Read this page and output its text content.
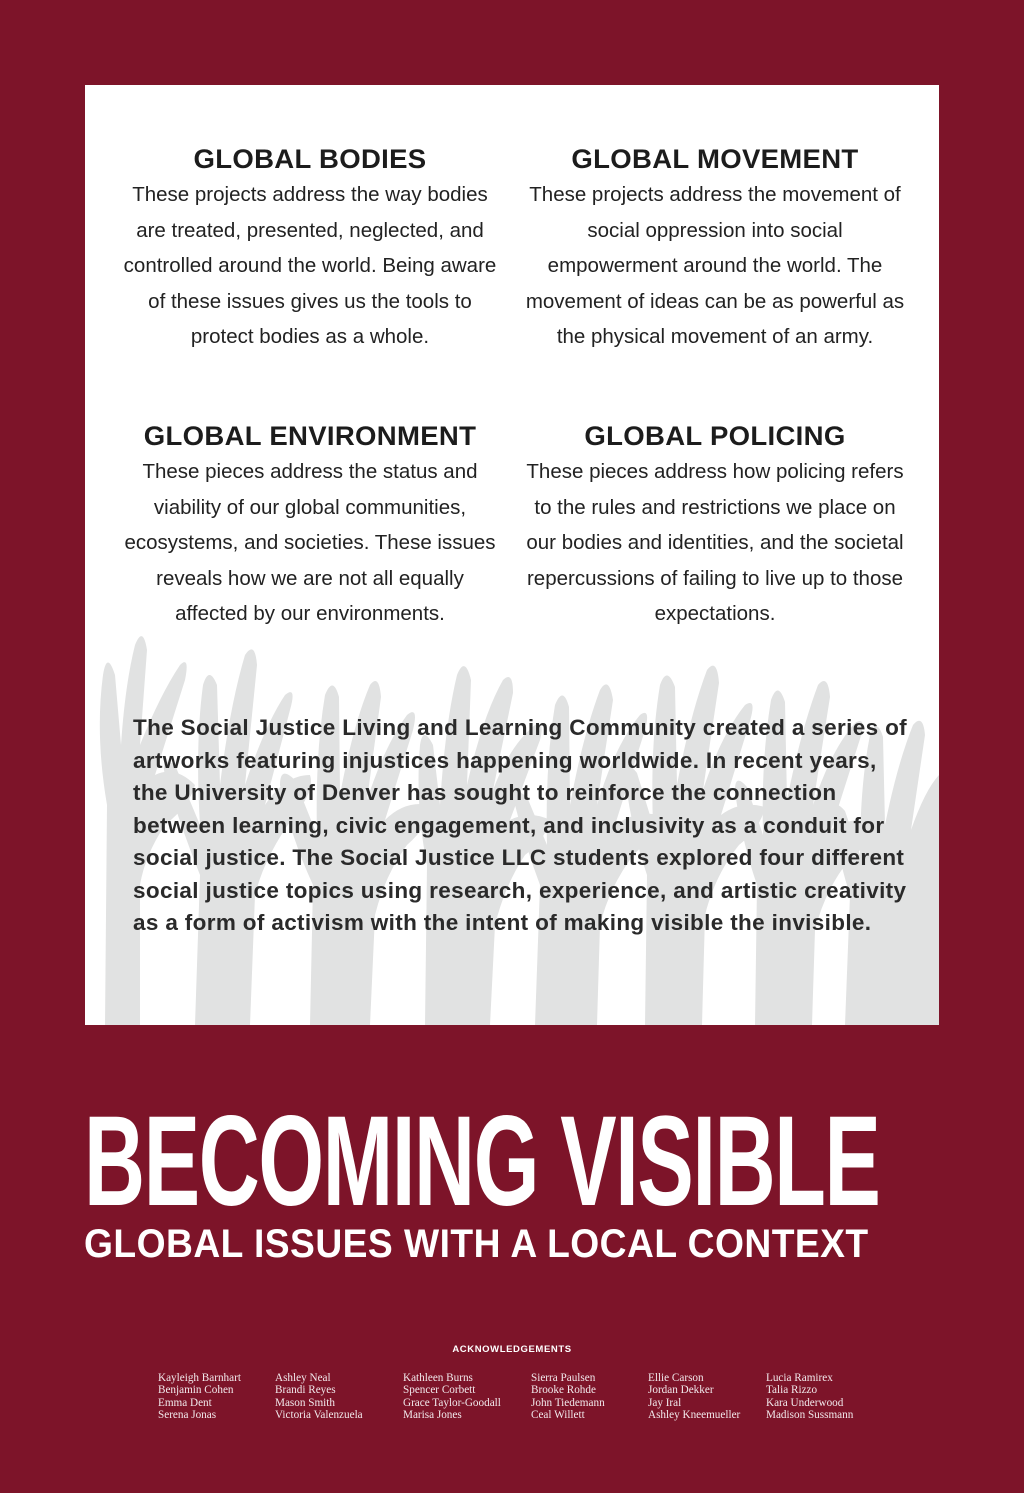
GLOBAL BODIES

These projects address the way bodies are treated, presented, neglected, and controlled around the world. Being aware of these issues gives us the tools to protect bodies as a whole.

GLOBAL MOVEMENT

These projects address the movement of social oppression into social empowerment around the world. The movement of ideas can be as powerful as the physical movement of an army.

GLOBAL ENVIRONMENT

These pieces address the status and viability of our global communities, ecosystems, and societies. These issues reveals how we are not all equally affected by our environments.

GLOBAL POLICING

These pieces address how policing refers to the rules and restrictions we place on our bodies and identities, and the societal repercussions of failing to live up to those expectations.

The Social Justice Living and Learning Community created a series of artworks featuring injustices happening worldwide. In recent years, the University of Denver has sought to reinforce the connection between learning, civic engagement, and inclusivity as a conduit for social justice. The Social Justice LLC students explored four different social justice topics using research, experience, and artistic creativity as a form of activism with the intent of making visible the invisible.

BECOMING VISIBLE
GLOBAL ISSUES WITH A LOCAL CONTEXT
ACKNOWLEDGEMENTS
Kayleigh Barnhart
Benjamin Cohen
Emma Dent
Serena Jonas
Ashley Neal
Brandi Reyes
Mason Smith
Victoria Valenzuela
Kathleen Burns
Spencer Corbett
Grace Taylor-Goodall
Marisa Jones
Sierra Paulsen
Brooke Rohde
John Tiedemann
Ceal Willett
Ellie Carson
Jordan Dekker
Jay Iral
Ashley Kneemueller
Lucia Ramirex
Talia Rizzo
Kara Underwood
Madison Sussmann
